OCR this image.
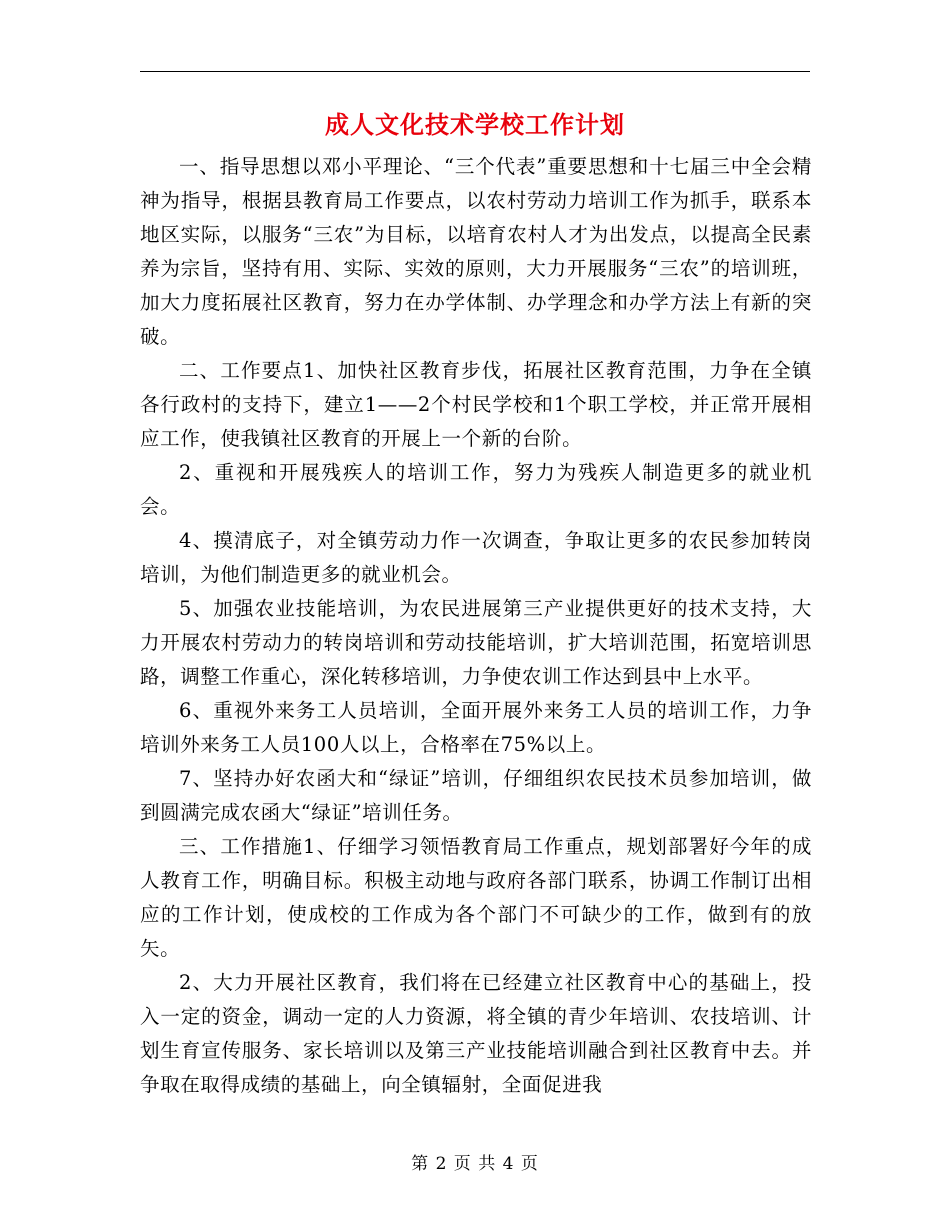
成人文化技术学校工作计划

一、指导思想以邓小平理论、“三个代表”重要思想和十七届三中全会精神为指导，根据县教育局工作要点，以农村劳动力培训工作为抓手，联系本地区实际，以服务“三农”为目标，以培育农村人才为出发点，以提高全民素养为宗旨，坚持有用、实际、实效的原则，大力开展服务“三农”的培训班，加大力度拓展社区教育，努力在办学体制、办学理念和办学方法上有新的突破。

二、工作要点1、加快社区教育步伐，拓展社区教育范围，力争在全镇各行政村的支持下，建立1——2个村民学校和1个职工学校，并正常开展相应工作，使我镇社区教育的开展上一个新的台阶。

2、重视和开展残疾人的培训工作，努力为残疾人制造更多的就业机会。

4、摸清底子，对全镇劳动力作一次调查，争取让更多的农民参加转岗培训，为他们制造更多的就业机会。

5、加强农业技能培训，为农民进展第三产业提供更好的技术支持，大力开展农村劳动力的转岗培训和劳动技能培训，扩大培训范围，拓宽培训思路，调整工作重心，深化转移培训，力争使农训工作达到县中上水平。

6、重视外来务工人员培训，全面开展外来务工人员的培训工作，力争培训外来务工人员100人以上，合格率在75%以上。

7、坚持办好农函大和“绿证”培训，仔细组织农民技术员参加培训，做到圆满完成农函大“绿证”培训任务。

三、工作措施1、仔细学习领悟教育局工作重点，规划部署好今年的成人教育工作，明确目标。积极主动地与政府各部门联系，协调工作制订出相应的工作计划，使成校的工作成为各个部门不可缺少的工作，做到有的放矢。

2、大力开展社区教育，我们将在已经建立社区教育中心的基础上，投入一定的资金，调动一定的人力资源，将全镇的青少年培训、农技培训、计划生育宣传服务、家长培训以及第三产业技能培训融合到社区教育中去。并争取在取得成绩的基础上，向全镇辐射，全面促进我

第 2 页 共 4 页
